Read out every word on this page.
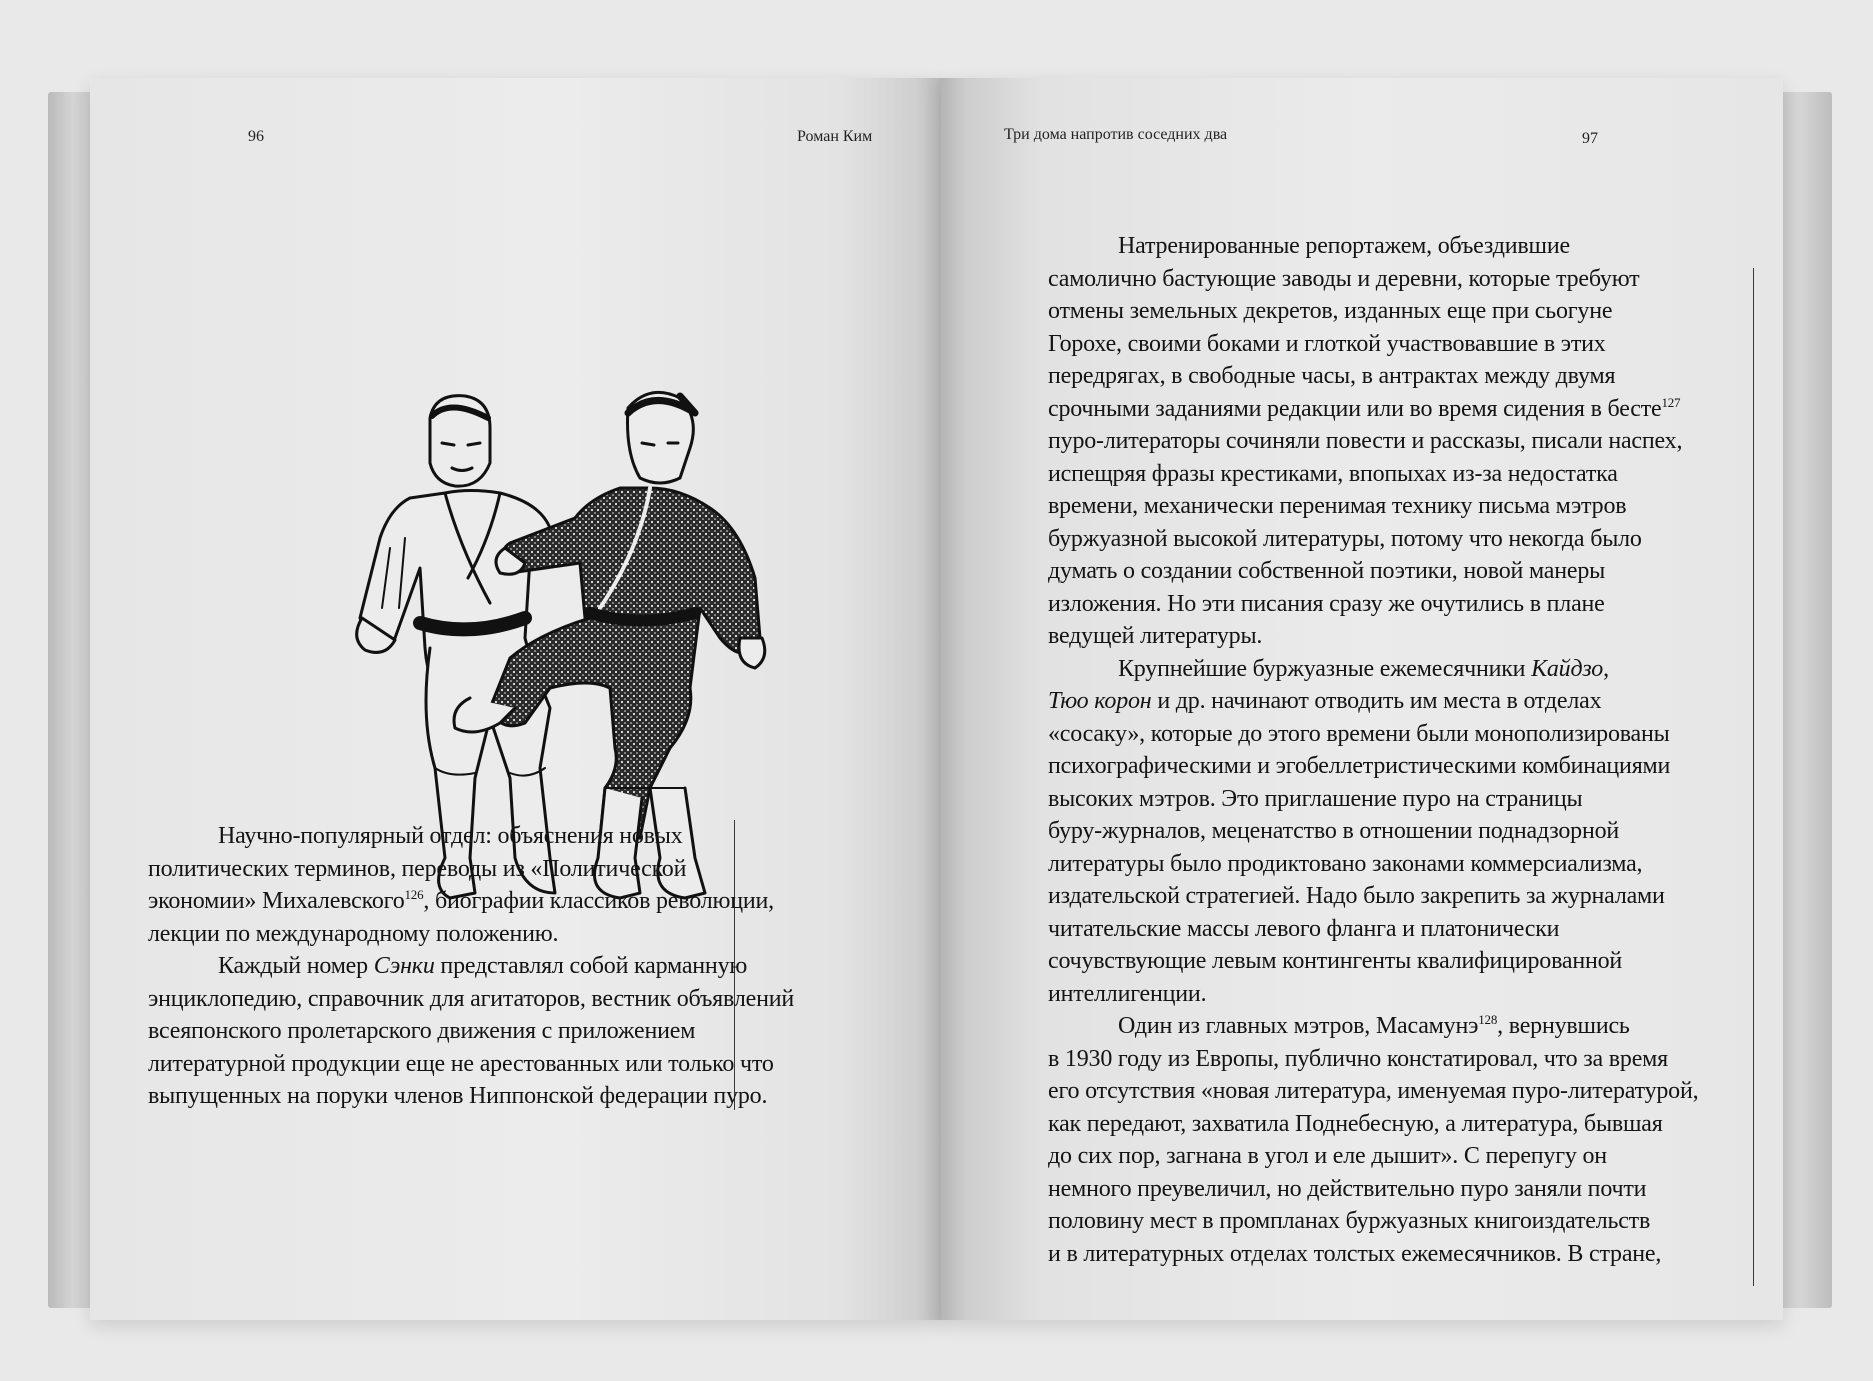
96	Роман Ким

Научно-популярный отдел: объяснения новых
политических терминов, переводы из «Политической
экономии» Михалевского$^{126}$, биографии классиков революции,
лекции по международному положению.

Каждый номер Сэнки представлял собой карманную
энциклопедию, справочник для агитаторов, вестник объявлений
всеяпонского пролетарского движения с приложением
литературной продукции еще не арестованных или только что
выпущенных на поруки членов Ниппонской федерации пуро.

Три дома напротив соседних два	97

Натренированные репортажем, объездившие
самолично бастующие заводы и деревни, которые требуют
отмены земельных декретов, изданных еще при сьогуне
Горохе, своими боками и глоткой участвовавшие в этих
передрягах, в свободные часы, в антрактах между двумя
срочными заданиями редакции или во время сидения в бесте$^{127}$
пуро-литераторы сочиняли повести и рассказы, писали наспех,
испещряя фразы крестиками, впопыхах из-за недостатка
времени, механически перенимая технику письма мэтров
буржуазной высокой литературы, потому что некогда было
думать о создании собственной поэтики, новой манеры
изложения. Но эти писания сразу же очутились в плане
ведущей литературы.

Крупнейшие буржуазные ежемесячники Кайдзо,
Тюо корон и др. начинают отводить им места в отделах
«сосаку», которые до этого времени были монополизированы
психографическими и эгобеллетристическими комбинациями
высоких мэтров. Это приглашение пуро на страницы
буру-журналов, меценатство в отношении поднадзорной
литературы было продиктовано законами коммерсиализма,
издательской стратегией. Надо было закрепить за журналами
читательские массы левого фланга и платонически
сочувствующие левым контингенты квалифицированной
интеллигенции.

Один из главных мэтров, Масамунэ$^{128}$, вернувшись
в 1930 году из Европы, публично констатировал, что за время
его отсутствия «новая литература, именуемая пуро-литературой,
как передают, захватила Поднебесную, а литература, бывшая
до сих пор, загнана в угол и еле дышит». С перепугу он
немного преувеличил, но действительно пуро заняли почти
половину мест в промпланах буржуазных книгоиздательств
и в литературных отделах толстых ежемесячников. В стране,
